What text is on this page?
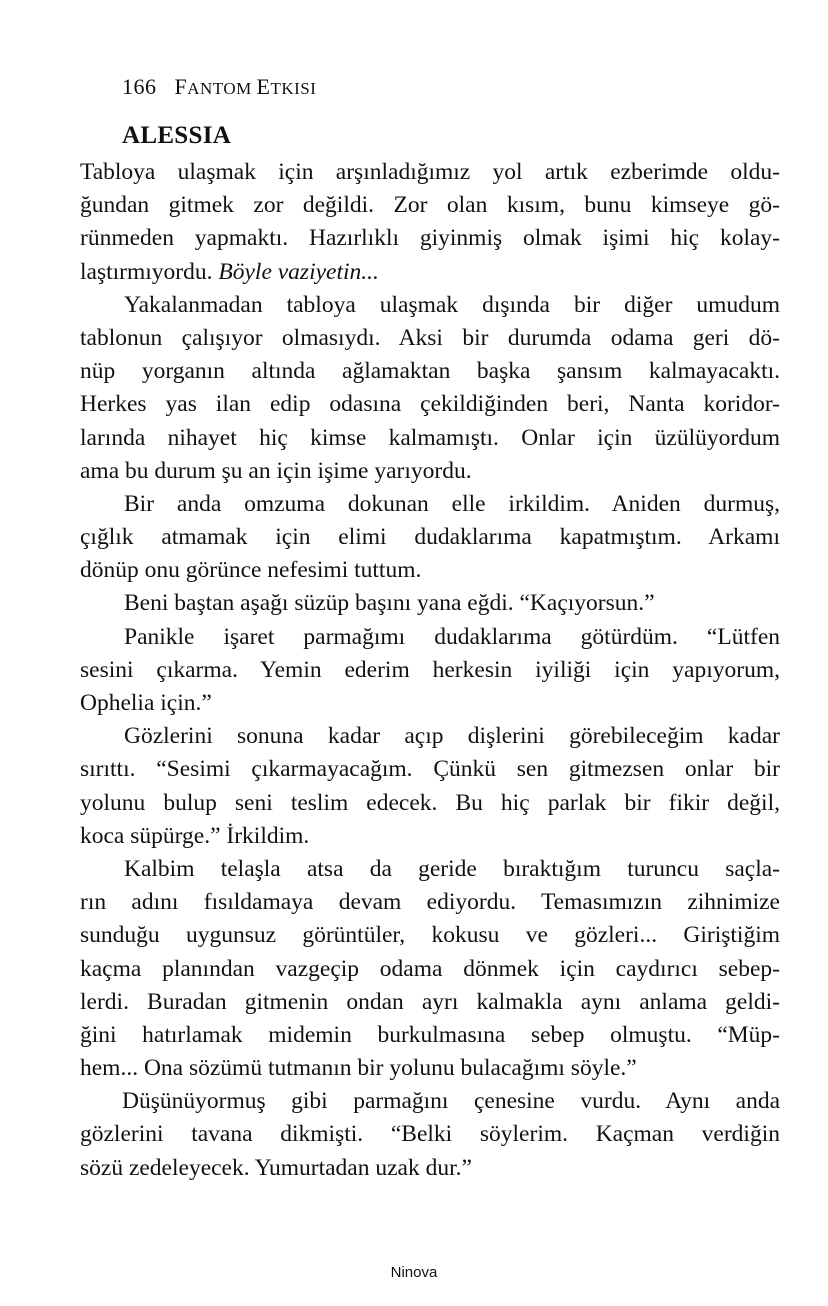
166 FANTOM ETKISI
ALESSIA
Tabloya ulaşmak için arşınladığımız yol artık ezberimde oldu-
ğundan gitmek zor değildi. Zor olan kısım, bunu kimseye gö-
rünmeden yapmaktı. Hazırlıklı giyinmiş olmak işimi hiç kolay-
laştırmıyordu. Böyle vaziyetin...
Yakalanmadan tabloya ulaşmak dışında bir diğer umudum
tablonun çalışıyor olmasıydı. Aksi bir durumda odama geri dö-
nüp yorganın altında ağlamaktan başka şansım kalmayacaktı.
Herkes yas ilan edip odasına çekildiğinden beri, Nanta koridor-
larında nihayet hiç kimse kalmamıştı. Onlar için üzülüyordum
ama bu durum şu an için işime yarıyordu.
Bir anda omzuma dokunan elle irkildim. Aniden durmuş,
çığlık atmamak için elimi dudaklarıma kapatmıştım. Arkamı
dönüp onu görünce nefesimi tuttum.
Beni baştan aşağı süzüp başını yana eğdi. “Kaçıyorsun.”
Panikle işaret parmağımı dudaklarıma götürdüm. “Lütfen
sesini çıkarma. Yemin ederim herkesin iyiliği için yapıyorum,
Ophelia için.”
Gözlerini sonuna kadar açıp dişlerini görebileceğim kadar
sırıttı. “Sesimi çıkarmayacağım. Çünkü sen gitmezsen onlar bir
yolunu bulup seni teslim edecek. Bu hiç parlak bir fikir değil,
koca süpürge.” İrkildim.
Kalbim telaşla atsa da geride bıraktığım turuncu saçla-
rın adını fısıldamaya devam ediyordu. Temasımızın zihnimize
sunduğu uygunsuz görüntüler, kokusu ve gözleri... Giriştiğim
kaçma planından vazgeçip odama dönmek için caydırıcı sebep-
lerdi. Buradan gitmenin ondan ayrı kalmakla aynı anlama geldi-
ğini hatırlamak midemin burkulmasına sebep olmuştu. “Müp-
hem... Ona sözümü tutmanın bir yolunu bulacağımı söyle.”
Düşünüyormuş gibi parmağını çenesine vurdu. Aynı anda
gözlerini tavana dikmişti. “Belki söylerim. Kaçman verdiğin
sözü zedeleyecek. Yumurtadan uzak dur.”
Ninova
